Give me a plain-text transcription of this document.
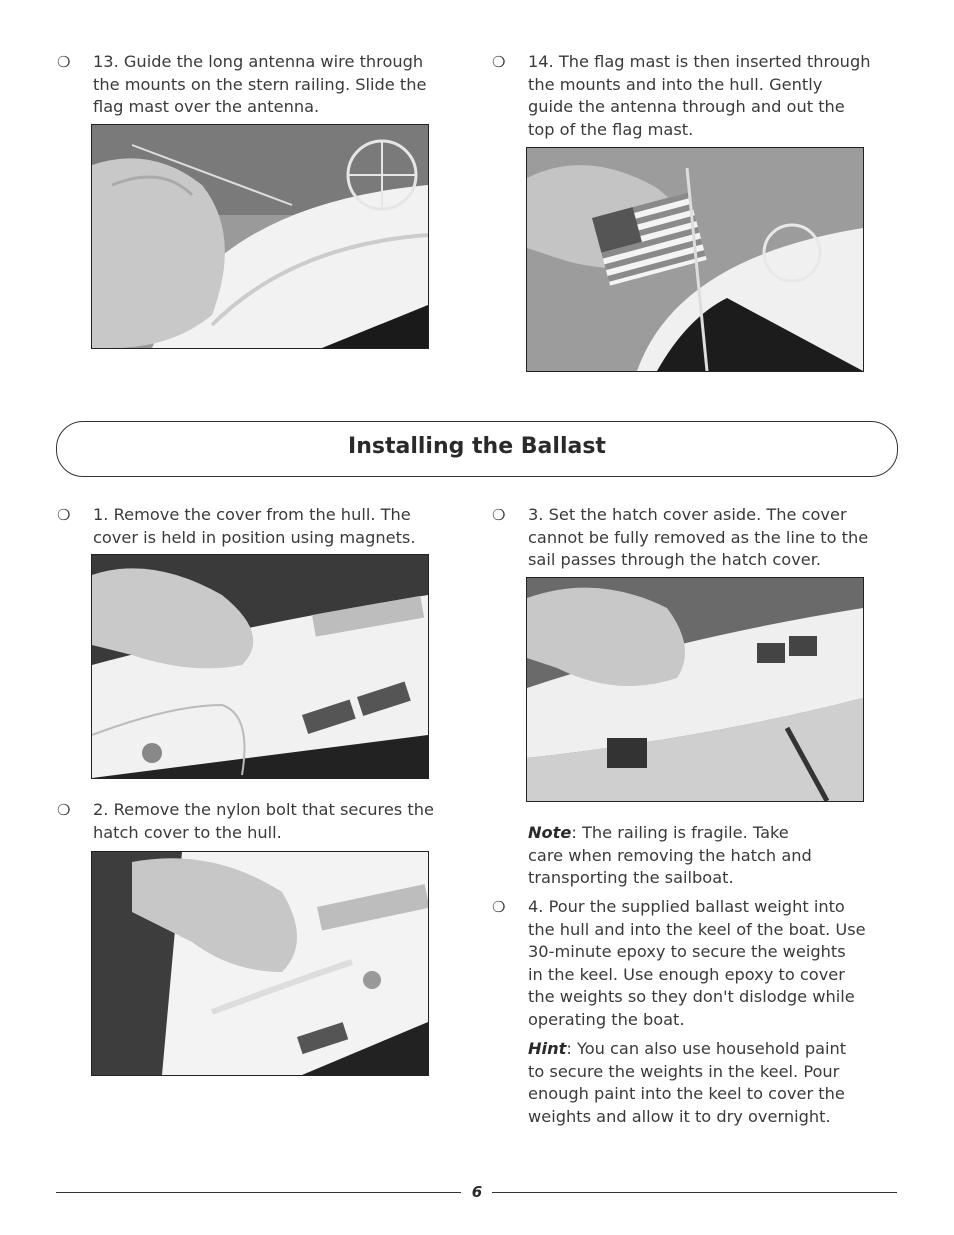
❍ 13. Guide the long antenna wire through
the mounts on the stern railing. Slide the
flag mast over the antenna.
❍ 14. The flag mast is then inserted through
the mounts and into the hull. Gently
guide the antenna through and out the
top of the flag mast.
Installing the Ballast
❍ 1. Remove the cover from the hull. The
cover is held in position using magnets.
❍ 2. Remove the nylon bolt that secures the
hatch cover to the hull.
❍ 3. Set the hatch cover aside. The cover
cannot be fully removed as the line to the
sail passes through the hatch cover.
Note: The railing is fragile. Take
care when removing the hatch and
transporting the sailboat.
❍ 4. Pour the supplied ballast weight into
the hull and into the keel of the boat. Use
30-minute epoxy to secure the weights
in the keel. Use enough epoxy to cover
the weights so they don't dislodge while
operating the boat.
Hint: You can also use household paint
to secure the weights in the keel. Pour
enough paint into the keel to cover the
weights and allow it to dry overnight.
6
